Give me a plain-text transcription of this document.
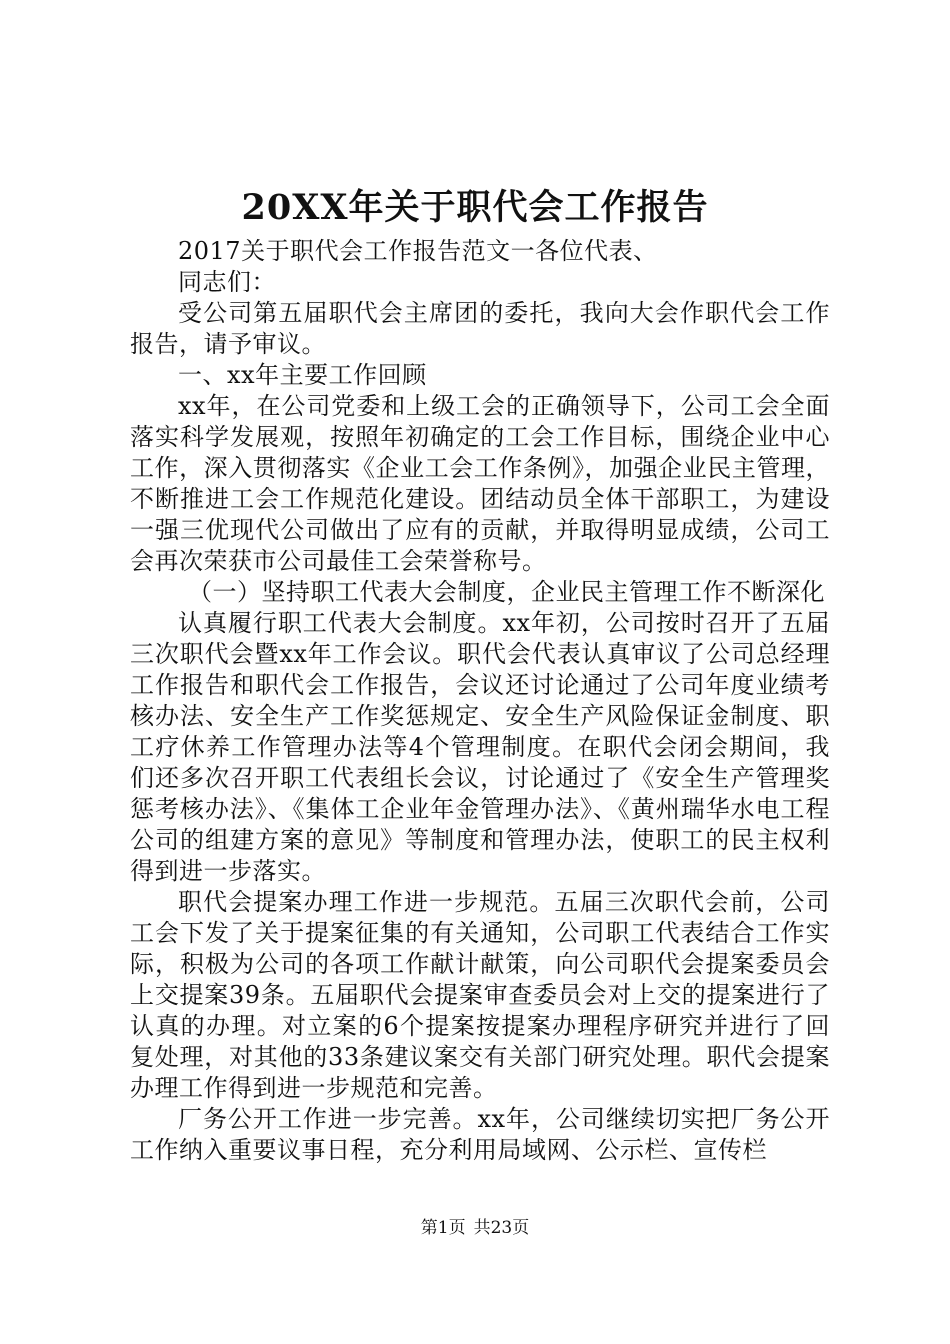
20XX年关于职代会工作报告

2017关于职代会工作报告范文一各位代表、

同志们：

受公司第五届职代会主席团的委托，我向大会作职代会工作报告，请予审议。

一、xx年主要工作回顾

xx年，在公司党委和上级工会的正确领导下，公司工会全面落实科学发展观，按照年初确定的工会工作目标，围绕企业中心工作，深入贯彻落实《企业工会工作条例》，加强企业民主管理，不断推进工会工作规范化建设。团结动员全体干部职工，为建设一强三优现代公司做出了应有的贡献，并取得明显成绩，公司工会再次荣获市公司最佳工会荣誉称号。

（一）坚持职工代表大会制度，企业民主管理工作不断深化

认真履行职工代表大会制度。xx年初，公司按时召开了五届三次职代会暨xx年工作会议。职代会代表认真审议了公司总经理工作报告和职代会工作报告，会议还讨论通过了公司年度业绩考核办法、安全生产工作奖惩规定、安全生产风险保证金制度、职工疗休养工作管理办法等4个管理制度。在职代会闭会期间，我们还多次召开职工代表组长会议，讨论通过了《安全生产管理奖惩考核办法》、《集体工企业年金管理办法》、《黄州瑞华水电工程公司的组建方案的意见》等制度和管理办法，使职工的民主权利得到进一步落实。

职代会提案办理工作进一步规范。五届三次职代会前，公司工会下发了关于提案征集的有关通知，公司职工代表结合工作实际，积极为公司的各项工作献计献策，向公司职代会提案委员会上交提案39条。五届职代会提案审查委员会对上交的提案进行了认真的办理。对立案的6个提案按提案办理程序研究并进行了回复处理，对其他的33条建议案交有关部门研究处理。职代会提案办理工作得到进一步规范和完善。

厂务公开工作进一步完善。xx年，公司继续切实把厂务公开工作纳入重要议事日程，充分利用局域网、公示栏、宣传栏

第1页 共23页
